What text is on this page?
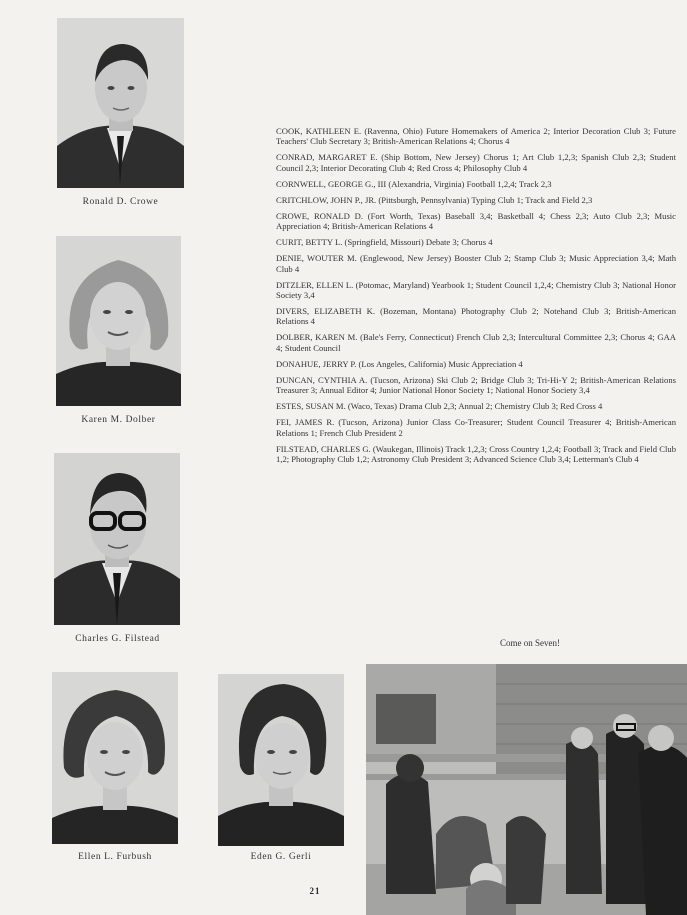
Ronald D. Crowe
Karen M. Dolber
Charles G. Filstead

COOK, KATHLEEN E. (Ravenna, Ohio) Future Homemakers of America 2; Interior Decoration Club 3; Future Teachers' Club Secretary 3; British-American Relations 4; Chorus 4

CONRAD, MARGARET E. (Ship Bottom, New Jersey) Chorus 1; Art Club 1,2,3; Spanish Club 2,3; Student Council 2,3; Interior Decorating Club 4; Red Cross 4; Philosophy Club 4

CORNWELL, GEORGE G., III (Alexandria, Virginia) Football 1,2,4; Track 2,3

CRITCHLOW, JOHN P., JR. (Pittsburgh, Pennsylvania) Typing Club 1; Track and Field 2,3

CROWE, RONALD D. (Fort Worth, Texas) Baseball 3,4; Basketball 4; Chess 2,3; Auto Club 2,3; Music Appreciation 4; British-American Relations 4

CURIT, BETTY L. (Springfield, Missouri) Debate 3; Chorus 4

DENIE, WOUTER M. (Englewood, New Jersey) Booster Club 2; Stamp Club 3; Music Appreciation 3,4; Math Club 4

DITZLER, ELLEN L. (Potomac, Maryland) Yearbook 1; Student Council 1,2,4; Chemistry Club 3; National Honor Society 3,4

DIVERS, ELIZABETH K. (Bozeman, Montana) Photography Club 2; Notehand Club 3; British-American Relations 4

DOLBER, KAREN M. (Bale's Ferry, Connecticut) French Club 2,3; Intercultural Committee 2,3; Chorus 4; GAA 4; Student Council

DONAHUE, JERRY P. (Los Angeles, California) Music Appreciation 4

DUNCAN, CYNTHIA A. (Tucson, Arizona) Ski Club 2; Bridge Club 3; Tri-Hi-Y 2; British-American Relations Treasurer 3; Annual Editor 4; Junior National Honor Society 1; National Honor Society 3,4

ESTES, SUSAN M. (Waco, Texas) Drama Club 2,3; Annual 2; Chemistry Club 3; Red Cross 4

FEI, JAMES R. (Tucson, Arizona) Junior Class Co-Treasurer; Student Council Treasurer 4; British-American Relations 1; French Club President 2

FILSTEAD, CHARLES G. (Waukegan, Illinois) Track 1,2,3; Cross Country 1,2,4; Football 3; Track and Field Club 1,2; Photography Club 1,2; Astronomy Club President 3; Advanced Science Club 3,4; Letterman's Club 4

Come on Seven!
Ellen L. Furbush	Eden G. Gerli
21
